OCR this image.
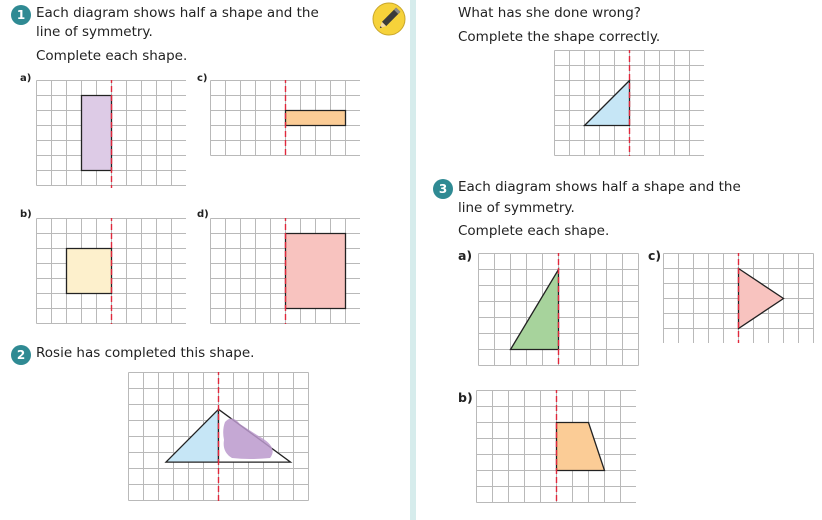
1 Each diagram shows half a shape and the
line of symmetry.
Complete each shape.
a)	c)
b)	d)
2 Rosie has completed this shape.
What has she done wrong?
Complete the shape correctly.
3 Each diagram shows half a shape and the
line of symmetry.
Complete each shape.
a)	c)
b)
